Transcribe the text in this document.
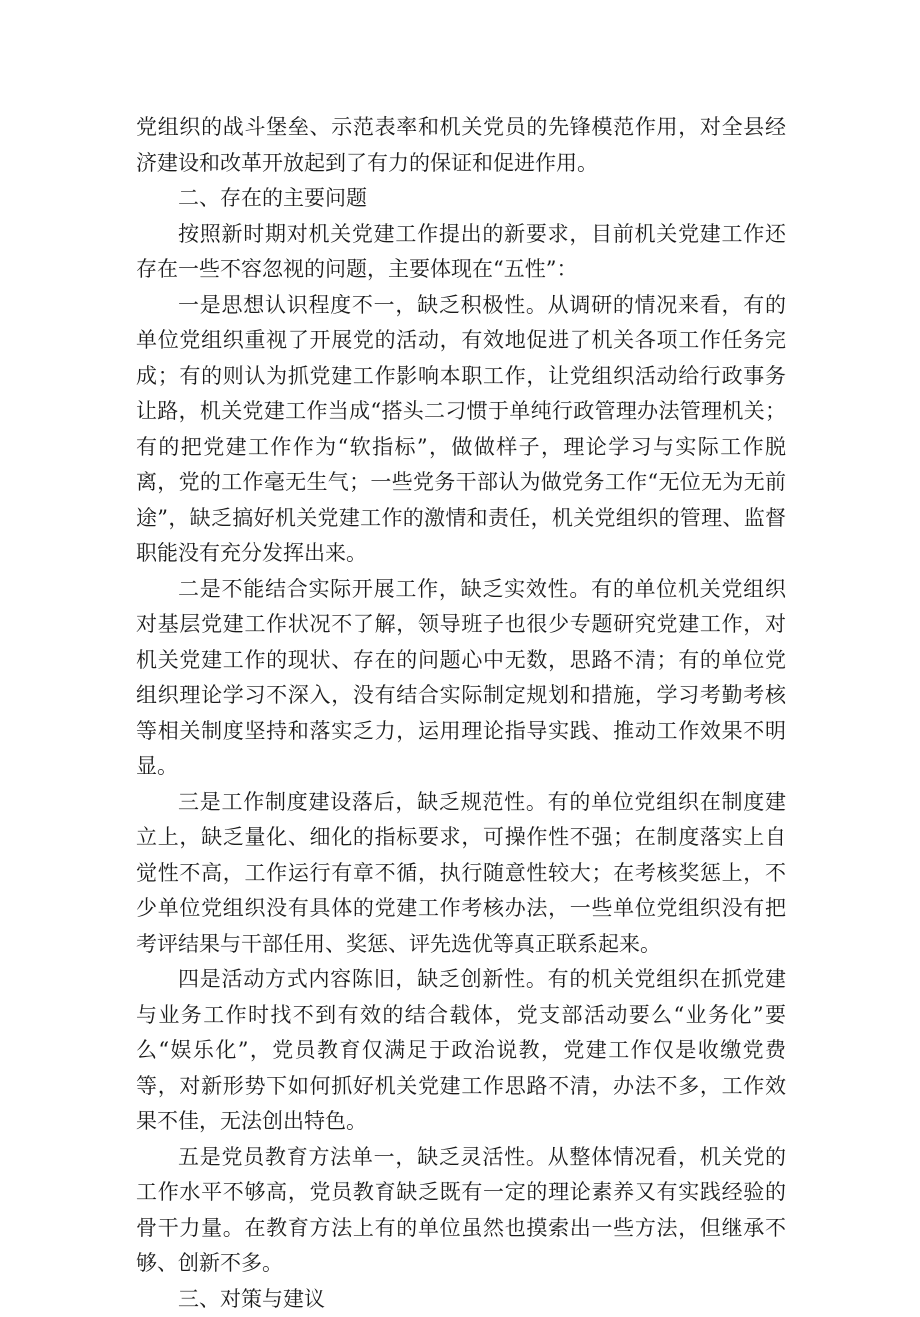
党组织的战斗堡垒、示范表率和机关党员的先锋模范作用，对全县经济建设和改革开放起到了有力的保证和促进作用。

二、存在的主要问题

按照新时期对机关党建工作提出的新要求，目前机关党建工作还存在一些不容忽视的问题，主要体现在“五性”：

一是思想认识程度不一，缺乏积极性。从调研的情况来看，有的单位党组织重视了开展党的活动，有效地促进了机关各项工作任务完成；有的则认为抓党建工作影响本职工作，让党组织活动给行政事务让路，机关党建工作当成“搭头二刁惯于单纯行政管理办法管理机关；有的把党建工作作为“软指标”，做做样子，理论学习与实际工作脱离，党的工作毫无生气；一些党务干部认为做党务工作“无位无为无前途”，缺乏搞好机关党建工作的激情和责任，机关党组织的管理、监督职能没有充分发挥出来。

二是不能结合实际开展工作，缺乏实效性。有的单位机关党组织对基层党建工作状况不了解，领导班子也很少专题研究党建工作，对机关党建工作的现状、存在的问题心中无数，思路不清；有的单位党组织理论学习不深入，没有结合实际制定规划和措施，学习考勤考核等相关制度坚持和落实乏力，运用理论指导实践、推动工作效果不明显。

三是工作制度建设落后，缺乏规范性。有的单位党组织在制度建立上，缺乏量化、细化的指标要求，可操作性不强；在制度落实上自觉性不高，工作运行有章不循，执行随意性较大；在考核奖惩上，不少单位党组织没有具体的党建工作考核办法，一些单位党组织没有把考评结果与干部任用、奖惩、评先选优等真正联系起来。

四是活动方式内容陈旧，缺乏创新性。有的机关党组织在抓党建与业务工作时找不到有效的结合载体，党支部活动要么“业务化”要么“娱乐化”，党员教育仅满足于政治说教，党建工作仅是收缴党费等，对新形势下如何抓好机关党建工作思路不清，办法不多，工作效果不佳，无法创出特色。

五是党员教育方法单一，缺乏灵活性。从整体情况看，机关党的工作水平不够高，党员教育缺乏既有一定的理论素养又有实践经验的骨干力量。在教育方法上有的单位虽然也摸索出一些方法，但继承不够、创新不多。

三、对策与建议
